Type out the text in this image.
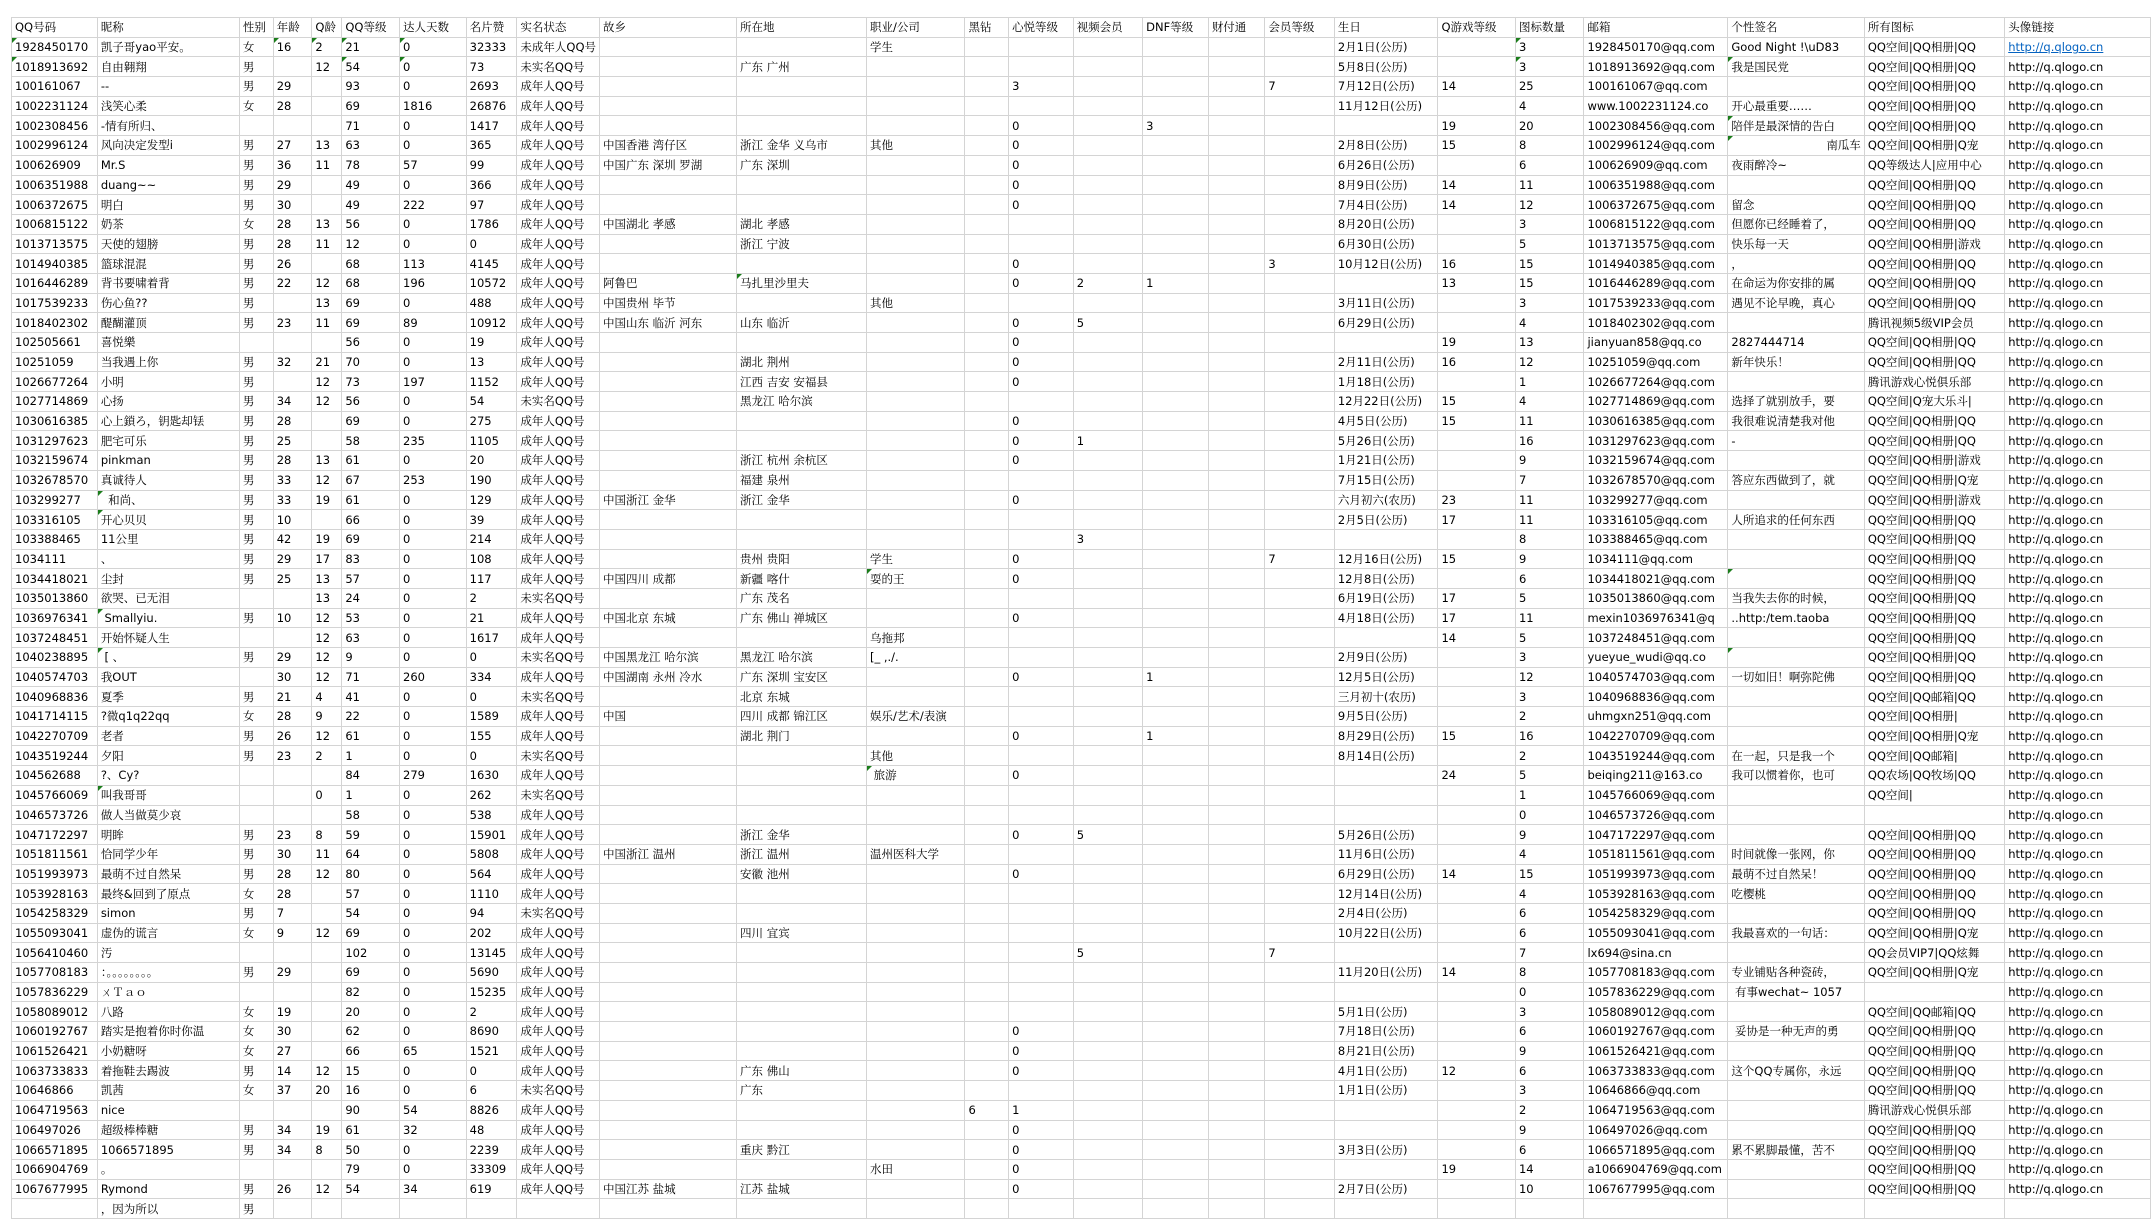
QQ号码	昵称	性别	年龄	Q龄	QQ等级	达人天数	名片赞	实名状态	故乡	所在地	职业/公司	黑钻	心悦等级	视频会员	DNF等级	财付通	会员等级	生日	Q游戏等级	图标数量	邮箱	个性签名	所有图标	头像链接
1928450170	凯子哥yao平安。	女	16	2	21	0	32333	未成年人QQ号			学生							2月1日(公历)		3	1928450170@qq.com	Good Night !\uD83	QQ空间|QQ相册|QQ	http://q.qlogo.cn
1018913692	自由翱翔	男		12	54	0	73	未实名QQ号		广东 广州								5月8日(公历)		3	1018913692@qq.com	我是国民党	QQ空间|QQ相册|QQ	http://q.qlogo.cn
100161067	--	男	29		93	0	2693	成年人QQ号					3				7	7月12日(公历)	14	25	100161067@qq.com		QQ空间|QQ相册|QQ	http://q.qlogo.cn
1002231124	浅笑心柔	女	28		69	1816	26876	成年人QQ号										11月12日(公历)		4	www.1002231124.co	开心最重要……	QQ空间|QQ相册|QQ	http://q.qlogo.cn
1002308456	-情有所归、				71	0	1417	成年人QQ号					0		3				19	20	1002308456@qq.com	陪伴是最深情的告白	QQ空间|QQ相册|QQ	http://q.qlogo.cn
1002996124	风向决定发型i	男	27	13	63	0	365	成年人QQ号	中国香港 湾仔区	浙江 金华 义乌市	其他		0					2月8日(公历)	15	8	1002996124@qq.com	南瓜车	QQ空间|QQ相册|Q宠	http://q.qlogo.cn
100626909	Mr.S	男	36	11	78	57	99	成年人QQ号	中国广东 深圳 罗湖	广东 深圳			0					6月26日(公历)		6	100626909@qq.com	夜雨醉冷~	QQ等级达人|应用中心	http://q.qlogo.cn
1006351988	duang~~	男	29		49	0	366	成年人QQ号					0					8月9日(公历)	14	11	1006351988@qq.com		QQ空间|QQ相册|QQ	http://q.qlogo.cn
1006372675	明白	男	30		49	222	97	成年人QQ号					0					7月4日(公历)	14	12	1006372675@qq.com	留念	QQ空间|QQ相册|QQ	http://q.qlogo.cn
1006815122	奶茶	女	28	13	56	0	1786	成年人QQ号	中国湖北 孝感	湖北 孝感								8月20日(公历)		3	1006815122@qq.com	但愿你已经睡着了，	QQ空间|QQ相册|QQ	http://q.qlogo.cn
1013713575	天使的翅膀	男	28	11	12	0	0	成年人QQ号		浙江 宁波								6月30日(公历)		5	1013713575@qq.com	快乐每一天	QQ空间|QQ相册|游戏	http://q.qlogo.cn
1014940385	篮球混混	男	26		68	113	4145	成年人QQ号					0				3	10月12日(公历)	16	15	1014940385@qq.com	，	QQ空间|QQ相册|QQ	http://q.qlogo.cn
1016446289	背书要啸着背	男	22	12	68	196	10572	成年人QQ号	阿鲁巴	马扎里沙里夫			0	2	1				13	15	1016446289@qq.com	在命运为你安排的属	QQ空间|QQ相册|QQ	http://q.qlogo.cn
1017539233	伤心鱼??	男		13	69	0	488	成年人QQ号	中国贵州 毕节		其他							3月11日(公历)		3	1017539233@qq.com	遇见不论早晚，真心	QQ空间|QQ相册|QQ	http://q.qlogo.cn
1018402302	醍醐灌顶	男	23	11	69	89	10912	成年人QQ号	中国山东 临沂 河东	山东 临沂			0	5				6月29日(公历)		4	1018402302@qq.com		腾讯视频5级VIP会员	http://q.qlogo.cn
102505661	喜悦樂				56	0	19	成年人QQ号					0						19	13	jianyuan858@qq.co	2827444714	QQ空间|QQ相册|QQ	http://q.qlogo.cn
10251059	当我遇上你	男	32	21	70	0	13	成年人QQ号		湖北 荆州			0					2月11日(公历)	16	12	10251059@qq.com	新年快乐！	QQ空间|QQ相册|QQ	http://q.qlogo.cn
1026677264	小明	男		12	73	197	1152	成年人QQ号		江西 吉安 安福县			0					1月18日(公历)		1	1026677264@qq.com		腾讯游戏心悦俱乐部	http://q.qlogo.cn
1027714869	心扬	男	34	12	56	0	54	未实名QQ号		黑龙江 哈尔滨								12月22日(公历)	15	4	1027714869@qq.com	选择了就别放手，要	QQ空间|Q宠大乐斗|	http://q.qlogo.cn
1030616385	心上鎖ろ，钥匙却铥	男	28		69	0	275	成年人QQ号					0					4月5日(公历)	15	11	1030616385@qq.com	我很难说清楚我对他	QQ空间|QQ相册|QQ	http://q.qlogo.cn
1031297623	肥宅可乐	男	25		58	235	1105	成年人QQ号					0	1				5月26日(公历)		16	1031297623@qq.com	-	QQ空间|QQ相册|QQ	http://q.qlogo.cn
1032159674	pinkman	男	28	13	61	0	20	成年人QQ号		浙江 杭州 余杭区			0					1月21日(公历)		9	1032159674@qq.com		QQ空间|QQ相册|游戏	http://q.qlogo.cn
1032678570	真诚待人	男	33	12	67	253	190	成年人QQ号		福建 泉州								7月15日(公历)		7	1032678570@qq.com	答应东西做到了，就	QQ空间|QQ相册|Q宠	http://q.qlogo.cn
103299277	和尚、	男	33	19	61	0	129	成年人QQ号	中国浙江 金华	浙江 金华			0					六月初六(农历)	23	11	103299277@qq.com		QQ空间|QQ相册|游戏	http://q.qlogo.cn
103316105	开心贝贝	男	10		66	0	39	成年人QQ号										2月5日(公历)	17	11	103316105@qq.com	人所追求的任何东西	QQ空间|QQ相册|QQ	http://q.qlogo.cn
103388465	11公里	男	42	19	69	0	214	成年人QQ号						3						8	103388465@qq.com		QQ空间|QQ相册|QQ	http://q.qlogo.cn
1034111	、	男	29	17	83	0	108	成年人QQ号		贵州 贵阳	学生		0				7	12月16日(公历)	15	9	1034111@qq.com		QQ空间|QQ相册|QQ	http://q.qlogo.cn
1034418021	尘封	男	25	13	57	0	117	成年人QQ号	中国四川 成都	新疆 喀什	耍的王		0					12月8日(公历)		6	1034418021@qq.com		QQ空间|QQ相册|QQ	http://q.qlogo.cn
1035013860	欲哭、已无泪			13	24	0	2	未实名QQ号		广东 茂名								6月19日(公历)	17	5	1035013860@qq.com	当我失去你的时候，	QQ空间|QQ相册|QQ	http://q.qlogo.cn
1036976341	Smallyiu.	男	10	12	53	0	21	成年人QQ号	中国北京 东城	广东 佛山 禅城区			0					4月18日(公历)	17	11	mexin1036976341@q	..http:/tem.taoba	QQ空间|QQ相册|QQ	http://q.qlogo.cn
1037248451	开始怀疑人生			12	63	0	1617	成年人QQ号			乌拖邦								14	5	1037248451@qq.com		QQ空间|QQ相册|QQ	http://q.qlogo.cn
1040238895	[ 、	男	29	12	9	0	0	未实名QQ号	中国黑龙江 哈尔滨	黑龙江 哈尔滨	[_ ,./.							2月9日(公历)		3	yueyue_wudi@qq.co		QQ空间|QQ相册|QQ	http://q.qlogo.cn
1040574703	我OUT		30	12	71	260	334	成年人QQ号	中国湖南 永州 冷水	广东 深圳 宝安区			0		1			12月5日(公历)		12	1040574703@qq.com	一切如旧！啊弥陀佛	QQ空间|QQ相册|QQ	http://q.qlogo.cn
1040968836	夏季	男	21	4	41	0	0	未实名QQ号		北京 东城								三月初十(农历)		3	1040968836@qq.com		QQ空间|QQ邮箱|QQ	http://q.qlogo.cn
1041714115	?微q1q22qq	女	28	9	22	0	1589	成年人QQ号	中国	四川 成都 锦江区	娱乐/艺术/表演							9月5日(公历)		2	uhmgxn251@qq.com		QQ空间|QQ相册|	http://q.qlogo.cn
1042270709	老者	男	26	12	61	0	155	成年人QQ号		湖北 荆门			0		1			8月29日(公历)	15	16	1042270709@qq.com		QQ空间|QQ相册|Q宠	http://q.qlogo.cn
1043519244	夕阳	男	23	2	1	0	0	未实名QQ号			其他							8月14日(公历)		2	1043519244@qq.com	在一起，只是我一个	QQ空间|QQ邮箱|	http://q.qlogo.cn
104562688	?、Cy?				84	279	1630	成年人QQ号			旅游		0						24	5	beiqing211@163.co	我可以惯着你，也可	QQ农场|QQ牧场|QQ	http://q.qlogo.cn
1045766069	叫我哥哥			0	1	0	262	未实名QQ号												1	1045766069@qq.com		QQ空间|	http://q.qlogo.cn
1046573726	做人当做莫少哀				58	0	538	成年人QQ号												0	1046573726@qq.com			http://q.qlogo.cn
1047172297	明眸	男	23	8	59	0	15901	成年人QQ号		浙江 金华			0	5				5月26日(公历)		9	1047172297@qq.com		QQ空间|QQ相册|QQ	http://q.qlogo.cn
1051811561	恰同学少年	男	30	11	64	0	5808	成年人QQ号	中国浙江 温州	浙江 温州	温州医科大学							11月6日(公历)		4	1051811561@qq.com	时间就像一张网，你	QQ空间|QQ相册|QQ	http://q.qlogo.cn
1051993973	最萌不过自然呆	男	28	12	80	0	564	成年人QQ号		安徽 池州			0					6月29日(公历)	14	15	1051993973@qq.com	最萌不过自然呆！	QQ空间|QQ相册|QQ	http://q.qlogo.cn
1053928163	最终&回到了原点	女	28		57	0	1110	成年人QQ号										12月14日(公历)		4	1053928163@qq.com	吃樱桃	QQ空间|QQ相册|QQ	http://q.qlogo.cn
1054258329	simon	男	7		54	0	94	未实名QQ号										2月4日(公历)		6	1054258329@qq.com		QQ空间|QQ相册|QQ	http://q.qlogo.cn
1055093041	虚伪的谎言	女	9	12	69	0	202	成年人QQ号		四川 宜宾								10月22日(公历)		6	1055093041@qq.com	我最喜欢的一句话：	QQ空间|QQ相册|Q宠	http://q.qlogo.cn
1056410460	汚				102	0	13145	成年人QQ号						5			7			7	lx694@sina.cn		QQ会员VIP7|QQ炫舞	http://q.qlogo.cn
1057708183	：。。。。。。。。	男	29		69	0	5690	成年人QQ号										11月20日(公历)	14	8	1057708183@qq.com	专业铺贴各种瓷砖，	QQ空间|QQ相册|Q宠	http://q.qlogo.cn
1057836229	ㄨＴａｏ				82	0	15235	成年人QQ号												0	1057836229@qq.com	有事wechat~ 1057		http://q.qlogo.cn
1058089012	八路	女	19		20	0	2	成年人QQ号										5月1日(公历)		3	1058089012@qq.com		QQ空间|QQ邮箱|QQ	http://q.qlogo.cn
1060192767	踏实是抱着你时你温	女	30		62	0	8690	成年人QQ号					0					7月18日(公历)		6	1060192767@qq.com	妥协是一种无声的勇	QQ空间|QQ相册|QQ	http://q.qlogo.cn
1061526421	小奶糖呀	女	27		66	65	1521	成年人QQ号					0					8月21日(公历)		9	1061526421@qq.com		QQ空间|QQ相册|QQ	http://q.qlogo.cn
1063733833	着拖鞋去踢波	男	14	12	15	0	0	成年人QQ号		广东 佛山			0					4月1日(公历)	12	6	1063733833@qq.com	这个QQ专属你，永远	QQ空间|QQ相册|QQ	http://q.qlogo.cn
10646866	凯茜	女	37	20	16	0	6	未实名QQ号		广东								1月1日(公历)		3	10646866@qq.com		QQ空间|QQ相册|QQ	http://q.qlogo.cn
1064719563	nice				90	54	8826	成年人QQ号				6	1							2	1064719563@qq.com		腾讯游戏心悦俱乐部	http://q.qlogo.cn
106497026	超级棒棒糖	男	34	19	61	32	48	成年人QQ号					0							9	106497026@qq.com		QQ空间|QQ相册|QQ	http://q.qlogo.cn
1066571895	1066571895	男	34	8	50	0	2239	成年人QQ号		重庆 黔江			0					3月3日(公历)		6	1066571895@qq.com	累不累脚最懂，苦不	QQ空间|QQ相册|QQ	http://q.qlogo.cn
1066904769	。				79	0	33309	成年人QQ号			水田		0						19	14	a1066904769@qq.com		QQ空间|QQ相册|QQ	http://q.qlogo.cn
1067677995	Rymond	男	26	12	54	34	619	成年人QQ号	中国江苏 盐城	江苏 盐城			0					2月7日(公历)		10	1067677995@qq.com		QQ空间|QQ相册|QQ	http://q.qlogo.cn
	，因为所以	男																						
